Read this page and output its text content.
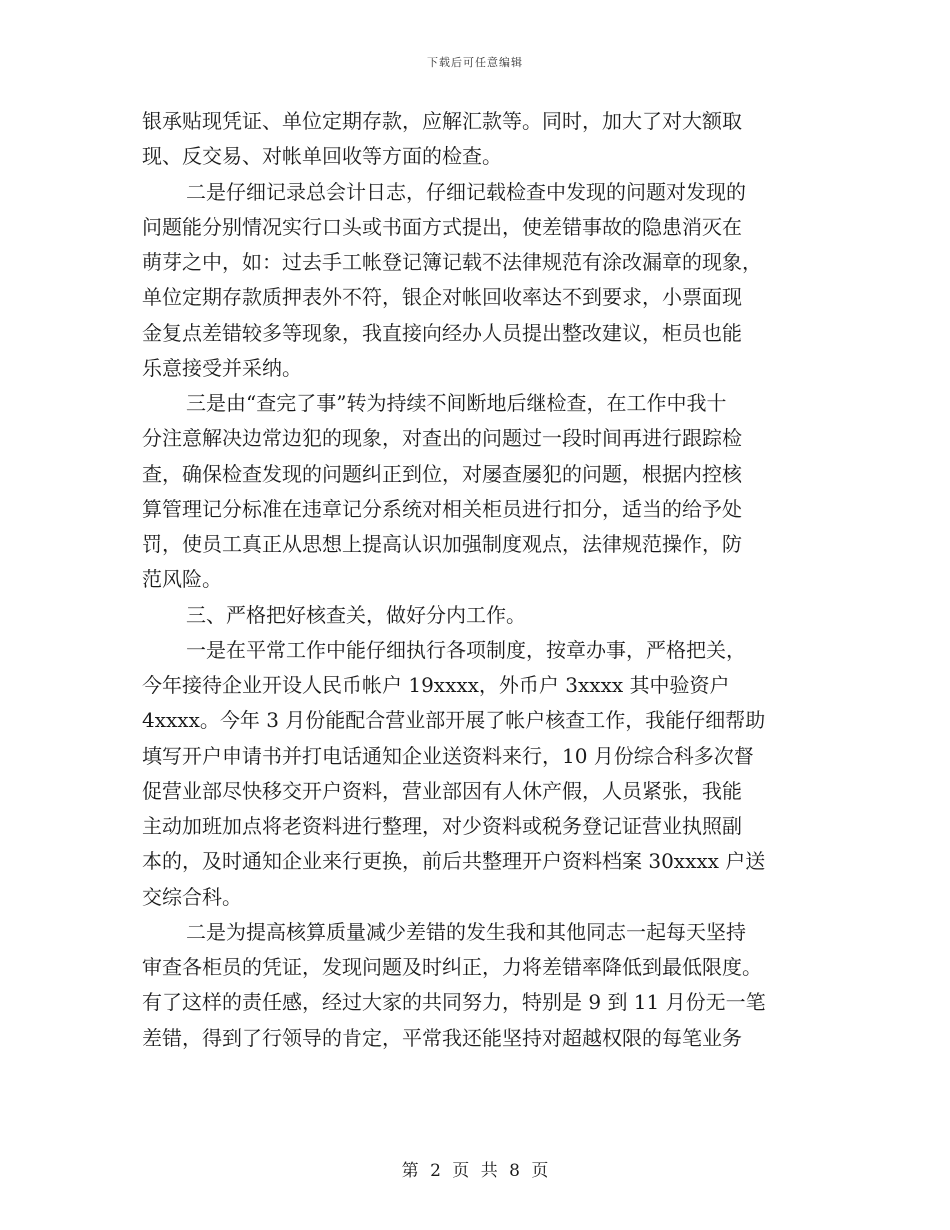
下载后可任意编辑
银承贴现凭证、单位定期存款，应解汇款等。同时，加大了对大额取
现、反交易、对帐单回收等方面的检查。
二是仔细记录总会计日志，仔细记载检查中发现的问题对发现的
问题能分别情况实行口头或书面方式提出，使差错事故的隐患消灭在
萌芽之中，如：过去手工帐登记簿记载不法律规范有涂改漏章的现象，
单位定期存款质押表外不符，银企对帐回收率达不到要求，小票面现
金复点差错较多等现象，我直接向经办人员提出整改建议，柜员也能
乐意接受并采纳。
三是由“查完了事”转为持续不间断地后继检查，在工作中我十
分注意解决边常边犯的现象，对查出的问题过一段时间再进行跟踪检
查，确保检查发现的问题纠正到位，对屡查屡犯的问题，根据内控核
算管理记分标准在违章记分系统对相关柜员进行扣分，适当的给予处
罚，使员工真正从思想上提高认识加强制度观点，法律规范操作，防
范风险。
三、严格把好核查关，做好分内工作。
一是在平常工作中能仔细执行各项制度，按章办事，严格把关，
今年接待企业开设人民币帐户 19xxxx，外币户 3xxxx 其中验资户
4xxxx。今年 3 月份能配合营业部开展了帐户核查工作，我能仔细帮助
填写开户申请书并打电话通知企业送资料来行，10 月份综合科多次督
促营业部尽快移交开户资料，营业部因有人休产假，人员紧张，我能
主动加班加点将老资料进行整理，对少资料或税务登记证营业执照副
本的，及时通知企业来行更换，前后共整理开户资料档案 30xxxx 户送
交综合科。
二是为提高核算质量减少差错的发生我和其他同志一起每天坚持
审查各柜员的凭证，发现问题及时纠正，力将差错率降低到最低限度。
有了这样的责任感，经过大家的共同努力，特别是 9 到 11 月份无一笔
差错，得到了行领导的肯定，平常我还能坚持对超越权限的每笔业务
第 2 页 共 8 页
